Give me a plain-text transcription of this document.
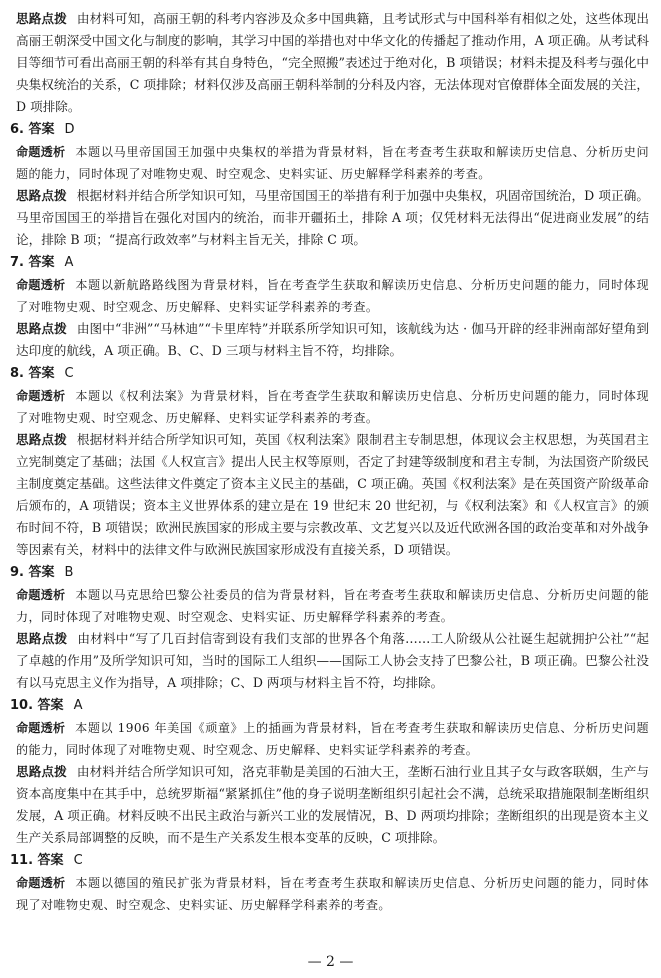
思路点拨 由材料可知，高丽王朝的科考内容涉及众多中国典籍，且考试形式与中国科举有相似之处，这些体现出高丽王朝深受中国文化与制度的影响，其学习中国的举措也对中华文化的传播起了推动作用，A 项正确。从考试科目等细节可看出高丽王朝的科举有其自身特色，“完全照搬”表述过于绝对化，B 项错误；材料未提及科考与强化中央集权统治的关系，C 项排除；材料仅涉及高丽王朝科举制的分科及内容，无法体现对官僚群体全面发展的关注，D 项排除。

6. 答案 D

命题透析 本题以马里帝国国王加强中央集权的举措为背景材料，旨在考查考生获取和解读历史信息、分析历史问题的能力，同时体现了对唯物史观、时空观念、史料实证、历史解释学科素养的考查。

思路点拨 根据材料并结合所学知识可知，马里帝国国王的举措有利于加强中央集权，巩固帝国统治，D 项正确。马里帝国国王的举措旨在强化对国内的统治，而非开疆拓土，排除 A 项；仅凭材料无法得出“促进商业发展”的结论，排除 B 项；“提高行政效率”与材料主旨无关，排除 C 项。

7. 答案 A

命题透析 本题以新航路路线图为背景材料，旨在考查学生获取和解读历史信息、分析历史问题的能力，同时体现了对唯物史观、时空观念、历史解释、史料实证学科素养的考查。

思路点拨 由图中“非洲”“马林迪”“卡里库特”并联系所学知识可知，该航线为达 · 伽马开辟的经非洲南部好望角到达印度的航线，A 项正确。B、C、D 三项与材料主旨不符，均排除。

8. 答案 C

命题透析 本题以《权利法案》为背景材料，旨在考查学生获取和解读历史信息、分析历史问题的能力，同时体现了对唯物史观、时空观念、历史解释、史料实证学科素养的考查。

思路点拨 根据材料并结合所学知识可知，英国《权利法案》限制君主专制思想，体现议会主权思想，为英国君主立宪制奠定了基础；法国《人权宣言》提出人民主权等原则，否定了封建等级制度和君主专制，为法国资产阶级民主制度奠定基础。这些法律文件奠定了资本主义民主的基础，C 项正确。英国《权利法案》是在英国资产阶级革命后颁布的，A 项错误；资本主义世界体系的建立是在 19 世纪末 20 世纪初，与《权利法案》和《人权宣言》的颁布时间不符，B 项错误；欧洲民族国家的形成主要与宗教改革、文艺复兴以及近代欧洲各国的政治变革和对外战争等因素有关，材料中的法律文件与欧洲民族国家形成没有直接关系，D 项错误。

9. 答案 B

命题透析 本题以马克思给巴黎公社委员的信为背景材料，旨在考查考生获取和解读历史信息、分析历史问题的能力，同时体现了对唯物史观、时空观念、史料实证、历史解释学科素养的考查。

思路点拨 由材料中“写了几百封信寄到设有我们支部的世界各个角落……工人阶级从公社诞生起就拥护公社”“起了卓越的作用”及所学知识可知，当时的国际工人组织——国际工人协会支持了巴黎公社，B 项正确。巴黎公社没有以马克思主义作为指导，A 项排除；C、D 两项与材料主旨不符，均排除。

10. 答案 A

命题透析 本题以 1906 年美国《顽童》上的插画为背景材料，旨在考查考生获取和解读历史信息、分析历史问题的能力，同时体现了对唯物史观、时空观念、历史解释、史料实证学科素养的考查。

思路点拨 由材料并结合所学知识可知，洛克菲勒是美国的石油大王，垄断石油行业且其子女与政客联姻，生产与资本高度集中在其手中，总统罗斯福“紧紧抓住”他的身子说明垄断组织引起社会不满，总统采取措施限制垄断组织发展，A 项正确。材料反映不出民主政治与新兴工业的发展情况，B、D 两项均排除；垄断组织的出现是资本主义生产关系局部调整的反映，而不是生产关系发生根本变革的反映，C 项排除。

11. 答案 C

命题透析 本题以德国的殖民扩张为背景材料，旨在考查考生获取和解读历史信息、分析历史问题的能力，同时体现了对唯物史观、时空观念、史料实证、历史解释学科素养的考查。

— 2 —
